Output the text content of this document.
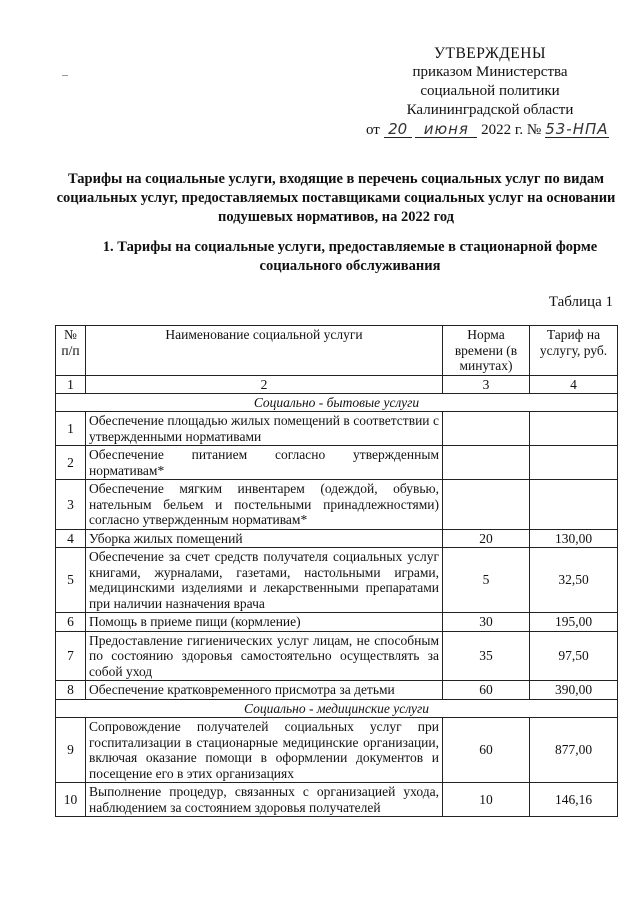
УТВЕРЖДЕНЫ
приказом Министерства
социальной политики
Калининградской области
от 20 июня 2022 г. № 53-НПА
Тарифы на социальные услуги, входящие в перечень социальных услуг по видам социальных услуг, предоставляемых поставщиками социальных услуг на основании подушевых нормативов, на 2022 год
1. Тарифы на социальные услуги, предоставляемые в стационарной форме социального обслуживания
Таблица 1
№ п/п	Наименование социальной услуги	Норма времени (в минутах)	Тариф на услугу, руб.
1	2	3	4
Социально - бытовые услуги			
1	Обеспечение площадью жилых помещений в соответствии с утвержденными нормативами		
2	Обеспечение питанием согласно утвержденным нормативам*		
3	Обеспечение мягким инвентарем (одеждой, обувью, нательным бельем и постельными принадлежностями) согласно утвержденным нормативам*		
4	Уборка жилых помещений	20	130,00
5	Обеспечение за счет средств получателя социальных услуг книгами, журналами, газетами, настольными играми, медицинскими изделиями и лекарственными препаратами при наличии назначения врача	5	32,50
6	Помощь в приеме пищи (кормление)	30	195,00
7	Предоставление гигиенических услуг лицам, не способным по состоянию здоровья самостоятельно осуществлять за собой уход	35	97,50
8	Обеспечение кратковременного присмотра за детьми	60	390,00
Социально - медицинские услуги			
9	Сопровождение получателей социальных услуг при госпитализации в стационарные медицинские организации, включая оказание помощи в оформлении документов и посещение его в этих организациях	60	877,00
10	Выполнение процедур, связанных с организацией ухода, наблюдением за состоянием здоровья получателей	10	146,16
